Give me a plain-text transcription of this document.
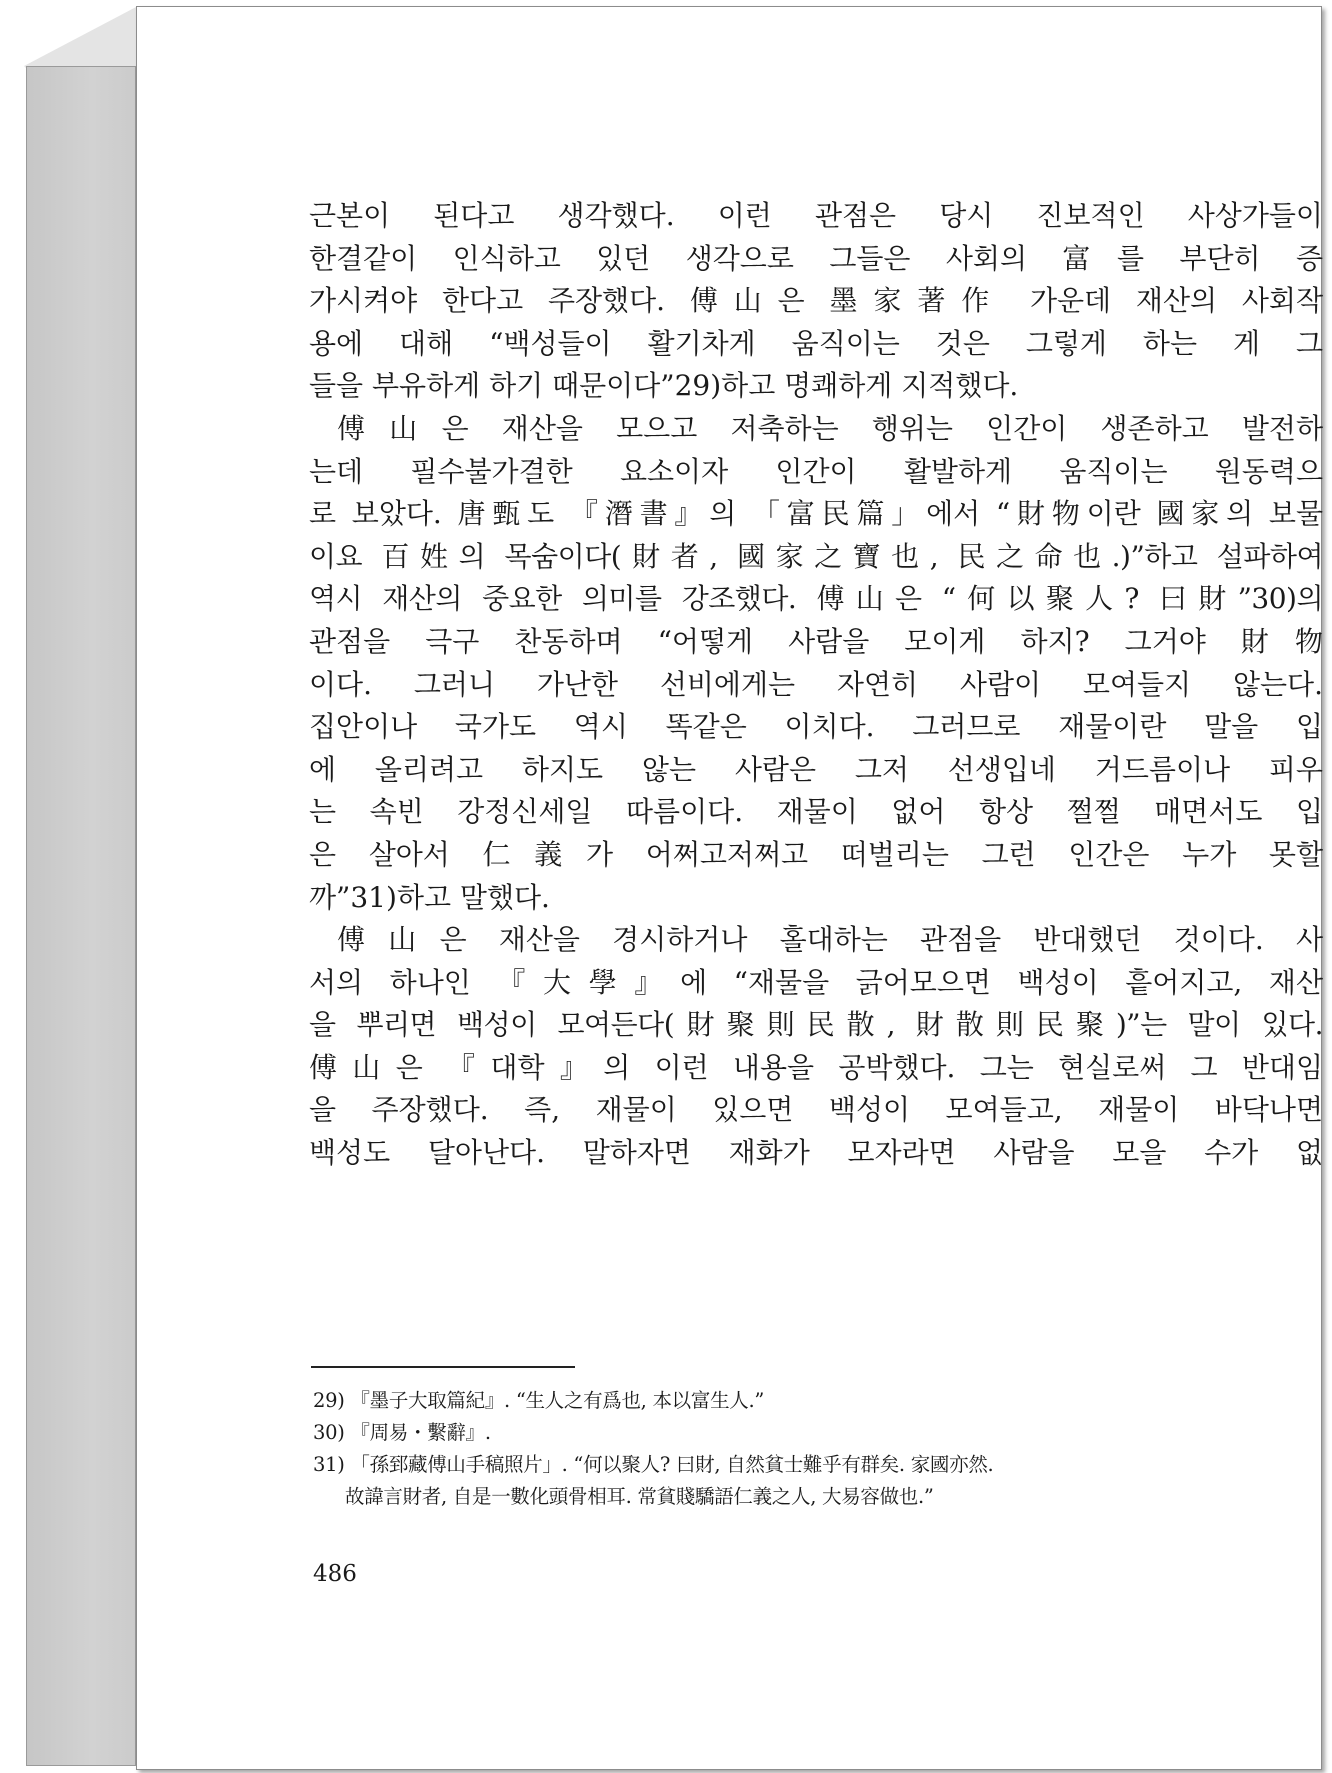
근본이 된다고 생각했다. 이런 관점은 당시 진보적인 사상가들이
한결같이 인식하고 있던 생각으로 그들은 사회의 富를 부단히 증
가시켜야 한다고 주장했다. 傅山은 墨家著作 가운데 재산의 사회작
용에 대해 “백성들이 활기차게 움직이는 것은 그렇게 하는 게 그
들을 부유하게 하기 때문이다”29)하고 명쾌하게 지적했다.
傅山은 재산을 모으고 저축하는 행위는 인간이 생존하고 발전하
는데 필수불가결한 요소이자 인간이 활발하게 움직이는 원동력으
로 보았다. 唐甄도 『潛書』의 「富民篇」에서 “財物이란 國家의 보물
이요 百姓의 목숨이다(財者, 國家之寶也, 民之命也.)”하고 설파하여
역시 재산의 중요한 의미를 강조했다. 傅山은 “何以聚人? 曰財”30)의
관점을 극구 찬동하며 “어떻게 사람을 모이게 하지? 그거야 財物
이다. 그러니 가난한 선비에게는 자연히 사람이 모여들지 않는다.
집안이나 국가도 역시 똑같은 이치다. 그러므로 재물이란 말을 입
에 올리려고 하지도 않는 사람은 그저 선생입네 거드름이나 피우
는 속빈 강정신세일 따름이다. 재물이 없어 항상 쩔쩔 매면서도 입
은 살아서 仁義가 어쩌고저쩌고 떠벌리는 그런 인간은 누가 못할
까”31)하고 말했다.
傅山은 재산을 경시하거나 홀대하는 관점을 반대했던 것이다. 사
서의 하나인 『大學』에 “재물을 긁어모으면 백성이 흩어지고, 재산
을 뿌리면 백성이 모여든다(財聚則民散, 財散則民聚)”는 말이 있다.
傅山은 『대학』의 이런 내용을 공박했다. 그는 현실로써 그 반대임
을 주장했다. 즉, 재물이 있으면 백성이 모여들고, 재물이 바닥나면
백성도 달아난다. 말하자면 재화가 모자라면 사람을 모을 수가 없
29) 『墨子大取篇紀』. “生人之有爲也, 本以富生人.”
30) 『周易・繫辭』.
31) 「孫郅藏傅山手稿照片」. “何以聚人? 曰財, 自然貧士難乎有群矣. 家國亦然.
故諱言財者, 自是一數化頭骨相耳. 常貧賤驕語仁義之人, 大易容做也.”
486
